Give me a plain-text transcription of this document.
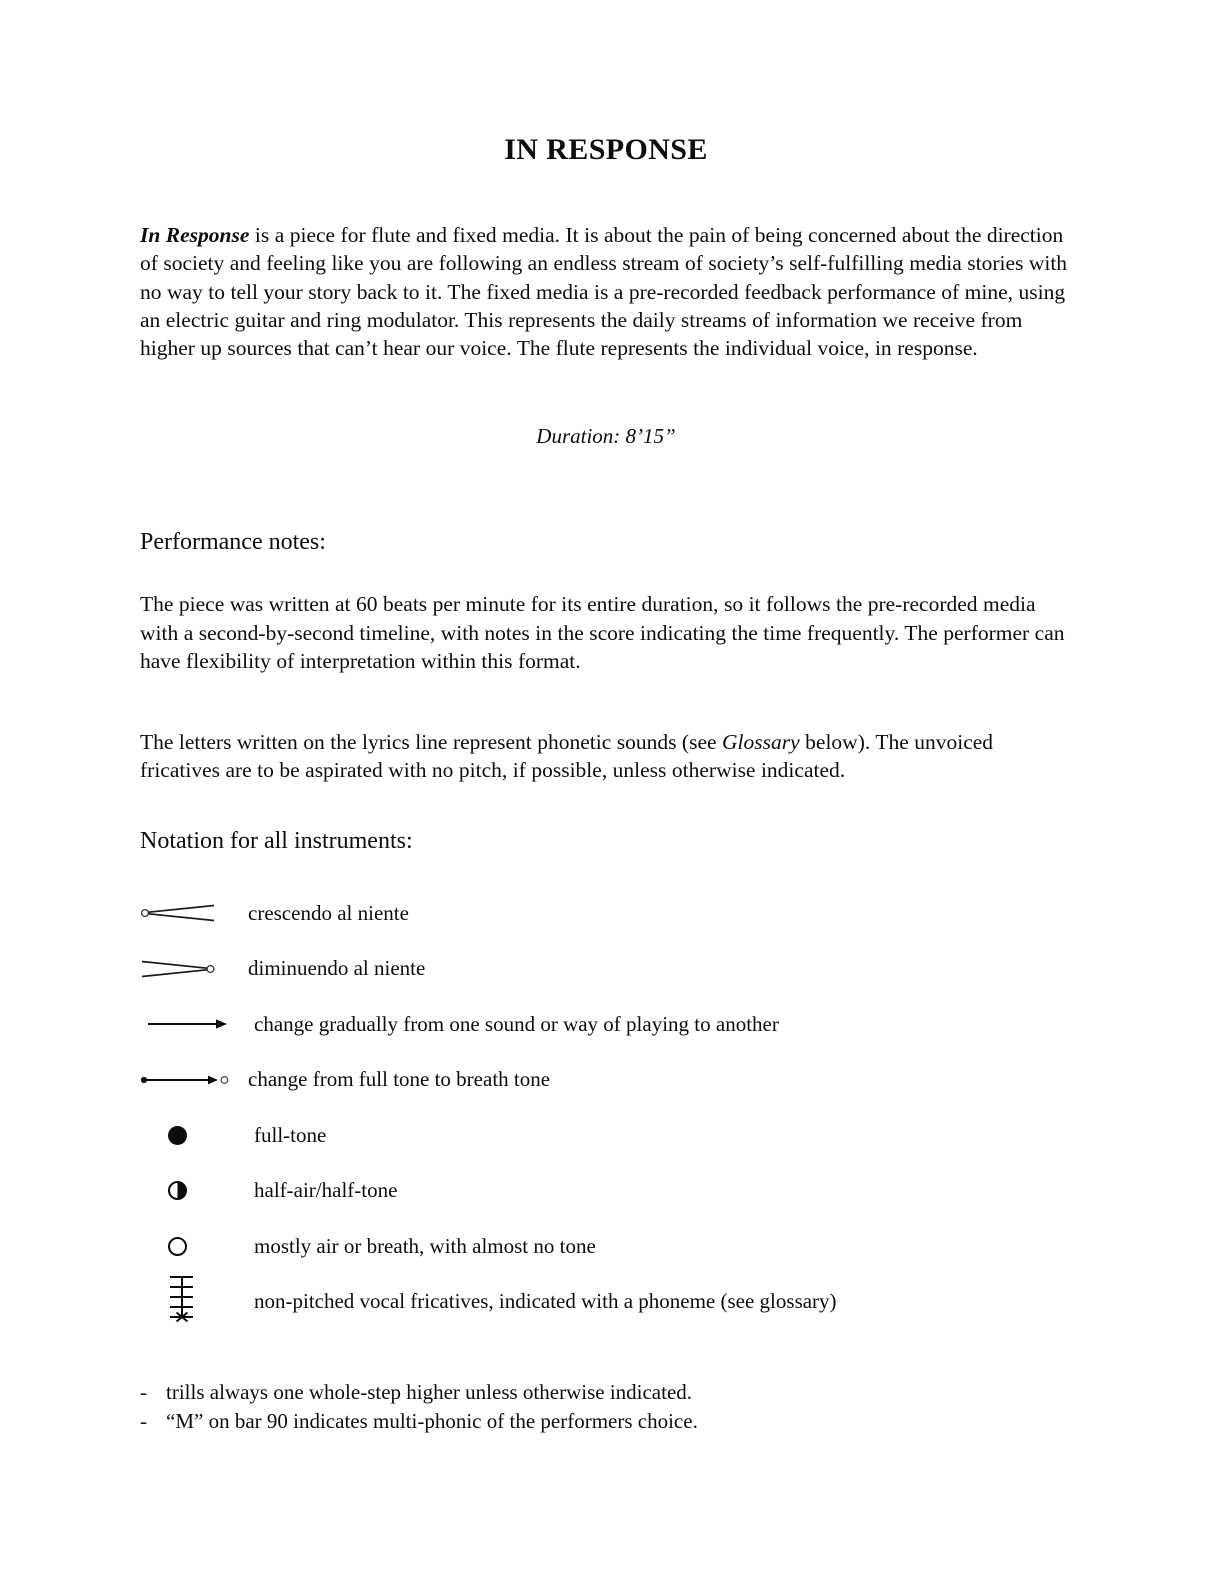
IN RESPONSE

In Response is a piece for flute and fixed media. It is about the pain of being concerned about the direction of society and feeling like you are following an endless stream of society’s self-fulfilling media stories with no way to tell your story back to it. The fixed media is a pre-recorded feedback performance of mine, using an electric guitar and ring modulator. This represents the daily streams of information we receive from higher up sources that can’t hear our voice. The flute represents the individual voice, in response.

Duration: 8’15”

Performance notes:

The piece was written at 60 beats per minute for its entire duration, so it follows the pre-recorded media with a second-by-second timeline, with notes in the score indicating the time frequently. The performer can have flexibility of interpretation within this format.

The letters written on the lyrics line represent phonetic sounds (see Glossary below). The unvoiced fricatives are to be aspirated with no pitch, if possible, unless otherwise indicated.

Notation for all instruments:
crescendo al niente
diminuendo al niente
change gradually from one sound or way of playing to another
change from full tone to breath tone
full-tone
half-air/half-tone
mostly air or breath, with almost no tone
non-pitched vocal fricatives, indicated with a phoneme (see glossary)
- trills always one whole-step higher unless otherwise indicated.
- “M” on bar 90 indicates multi-phonic of the performers choice.
